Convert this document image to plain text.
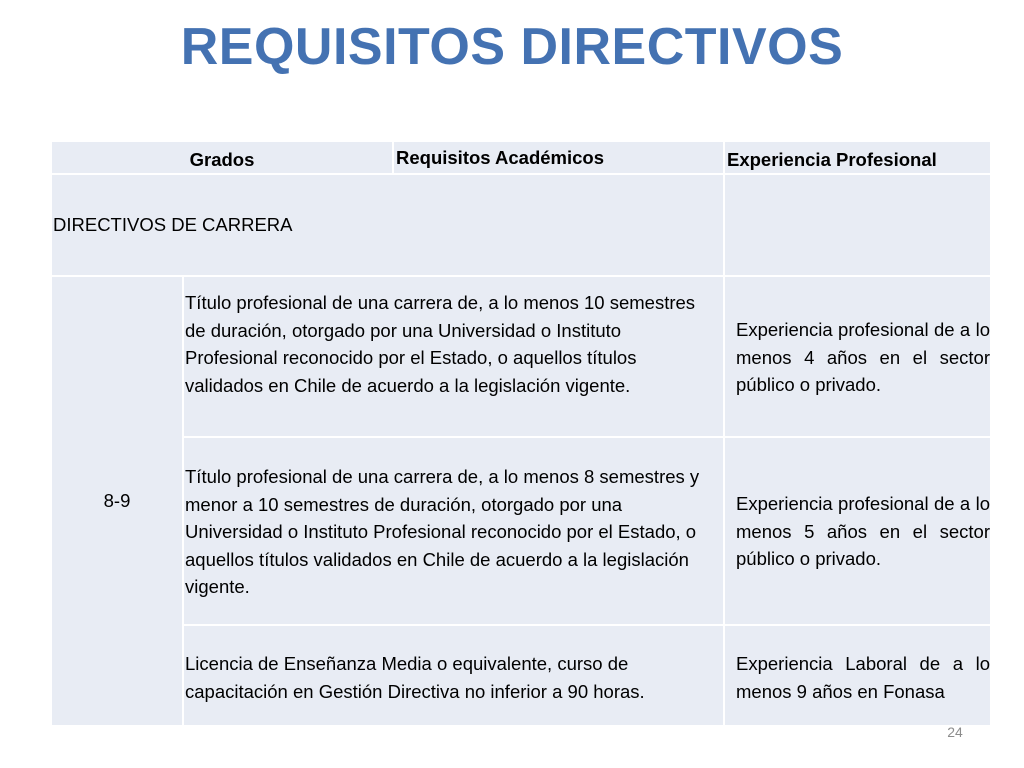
REQUISITOS DIRECTIVOS
Grados	Requisitos Académicos	Experiencia Profesional
DIRECTIVOS DE CARRERA
8-9
Título profesional de una carrera de, a lo menos 10 semestres de duración, otorgado por una Universidad o Instituto Profesional reconocido por el Estado, o aquellos títulos validados en Chile de acuerdo a la legislación vigente.
Experiencia profesional de a lo menos 4 años en el sector público o privado.
Título profesional de una carrera de, a lo menos 8 semestres y menor a 10 semestres de duración, otorgado por una Universidad o Instituto Profesional reconocido por el Estado, o aquellos títulos validados en Chile de acuerdo a la legislación vigente.
Experiencia profesional de a lo menos 5 años en el sector público o privado.
Licencia de Enseñanza Media o equivalente, curso de capacitación en Gestión Directiva no inferior a 90 horas.
Experiencia Laboral de a lo menos 9 años en Fonasa
24
